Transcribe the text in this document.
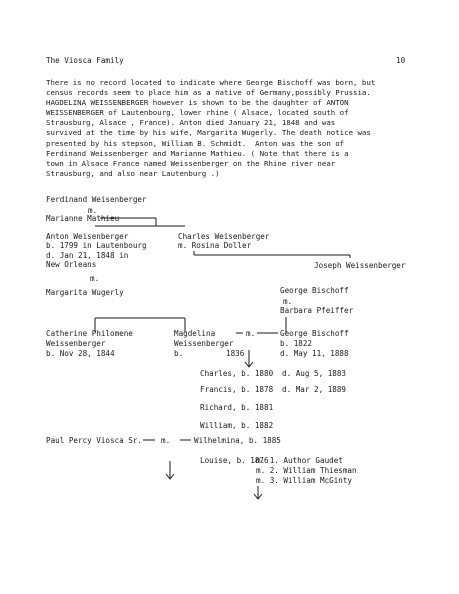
The Viosca Family	10
There is no record located to indicate where George Bischoff was born, but
census records seem to place him as a native of Germany,possibly Prussia.
HAGDELINA WEISSENBERGER however is shown to be the daughter of ANTON
WEISSENBERGER of Lautenbourg, lower rhine ( Alsace, located south of
Strausburg, Alsace , France). Anton died January 21, 1848 and was
survived at the time by his wife, Margarita Wugerly. The death notice was
presented by his stepson, William B. Schmidt.  Anton was the son of
Ferdinand Weissenberger and Marianne Mathieu. ( Note that there is a
town in Alsace France named Weissenberger on the Rhine river near
Strausburg, and also near Lautenburg .)
Ferdinand Weisenberger
m.
Marianne Mathieu
Anton Weisenberger
b. 1799 in Lautenbourg
d. Jan 21, 1848 in
New Orleans
Charles Weisenberger
m. Rosina Doller
Joseph Weissenberger
m.
Margarita Wugerly	George Bischoff
m.
Barbara Pfeiffer
Catherine Philomene
Weissenberger
b. Nov 28, 1844
Magdelina
Weissenberger
b.	1836
m.	George Bischoff
b. 1822
d. May 11, 1888
Charles, b. 1880 d. Aug 5, 1883
Francis, b. 1878 d. Mar 2, 1889
Richard, b. 1881
William, b. 1882
Paul Percy Viosca Sr. m.	Wilhelmina, b. 1885
Louise, b. 1876
m. 1. Author Gaudet
m. 2. William Thiesman
m. 3. William McGinty
